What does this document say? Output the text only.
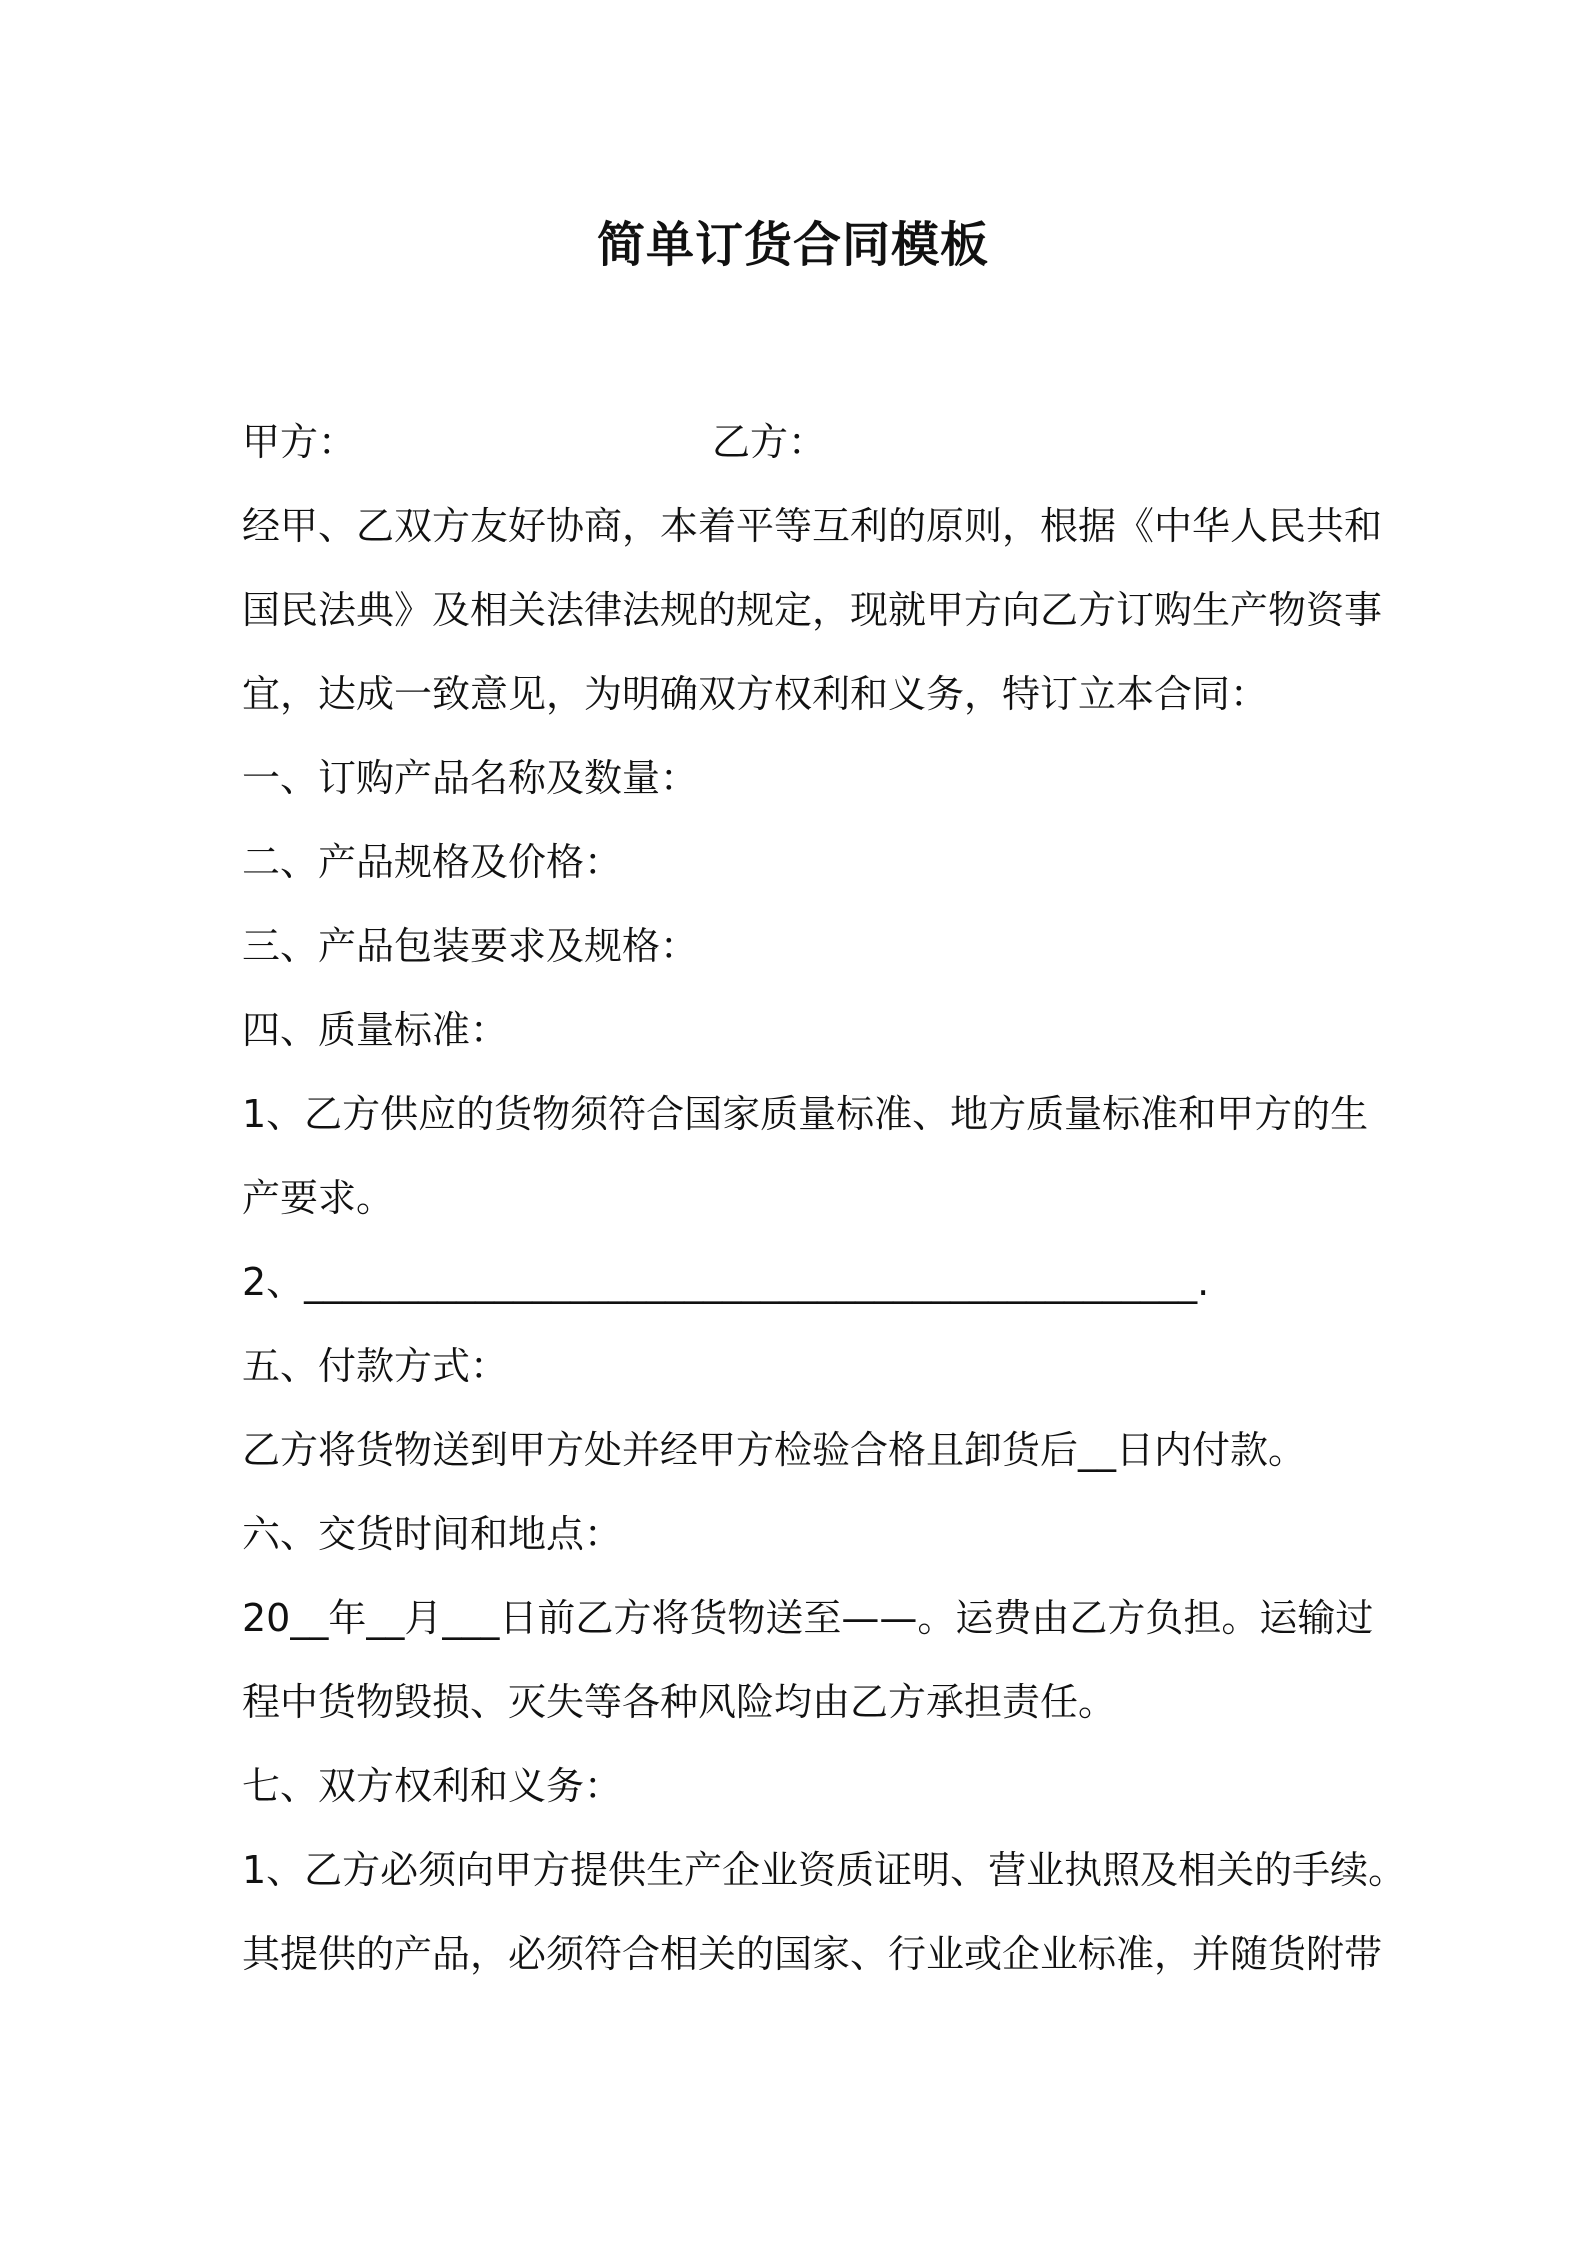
简单订货合同模板
甲方：	乙方：
经甲、乙双方友好协商，本着平等互利的原则，根据《中华人民共和
国民法典》及相关法律法规的规定，现就甲方向乙方订购生产物资事
宜，达成一致意见，为明确双方权利和义务，特订立本合同：
一、订购产品名称及数量：
二、产品规格及价格：
三、产品包装要求及规格：
四、质量标准：
1、乙方供应的货物须符合国家质量标准、地方质量标准和甲方的生
产要求。
2、_______________________________________________.
五、付款方式：
乙方将货物送到甲方处并经甲方检验合格且卸货后__日内付款。
六、交货时间和地点：
20__年__月___日前乙方将货物送至——。运费由乙方负担。运输过
程中货物毁损、灭失等各种风险均由乙方承担责任。
七、双方权利和义务：
1、乙方必须向甲方提供生产企业资质证明、营业执照及相关的手续。
其提供的产品，必须符合相关的国家、行业或企业标准，并随货附带
